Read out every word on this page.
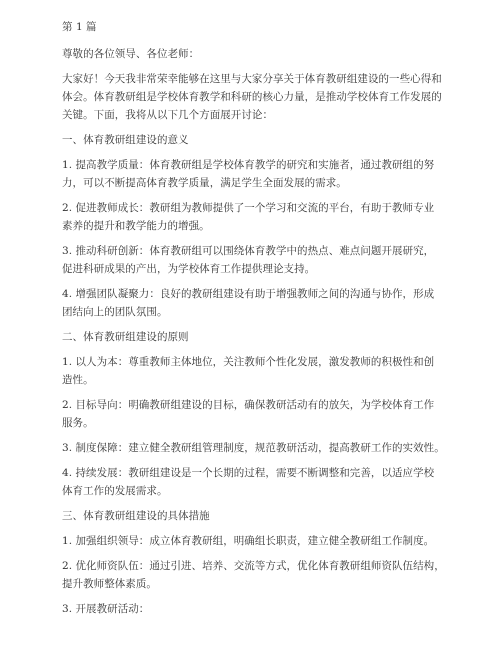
第 1 篇

尊敬的各位领导、各位老师：

大家好！今天我非常荣幸能够在这里与大家分享关于体育教研组建设的一些心得和

体会。体育教研组是学校体育教学和科研的核心力量，是推动学校体育工作发展的

关键。下面，我将从以下几个方面展开讨论：

一、体育教研组建设的意义

1. 提高教学质量：体育教研组是学校体育教学的研究和实施者，通过教研组的努

力，可以不断提高体育教学质量，满足学生全面发展的需求。

2. 促进教师成长：教研组为教师提供了一个学习和交流的平台，有助于教师专业

素养的提升和教学能力的增强。

3. 推动科研创新：体育教研组可以围绕体育教学中的热点、难点问题开展研究，

促进科研成果的产出，为学校体育工作提供理论支持。

4. 增强团队凝聚力：良好的教研组建设有助于增强教师之间的沟通与协作，形成

团结向上的团队氛围。

二、体育教研组建设的原则

1. 以人为本：尊重教师主体地位，关注教师个性化发展，激发教师的积极性和创

造性。

2. 目标导向：明确教研组建设的目标，确保教研活动有的放矢，为学校体育工作

服务。

3. 制度保障：建立健全教研组管理制度，规范教研活动，提高教研工作的实效性。

4. 持续发展：教研组建设是一个长期的过程，需要不断调整和完善，以适应学校

体育工作的发展需求。

三、体育教研组建设的具体措施

1. 加强组织领导：成立体育教研组，明确组长职责，建立健全教研组工作制度。

2. 优化师资队伍：通过引进、培养、交流等方式，优化体育教研组师资队伍结构，

提升教师整体素质。

3. 开展教研活动：
